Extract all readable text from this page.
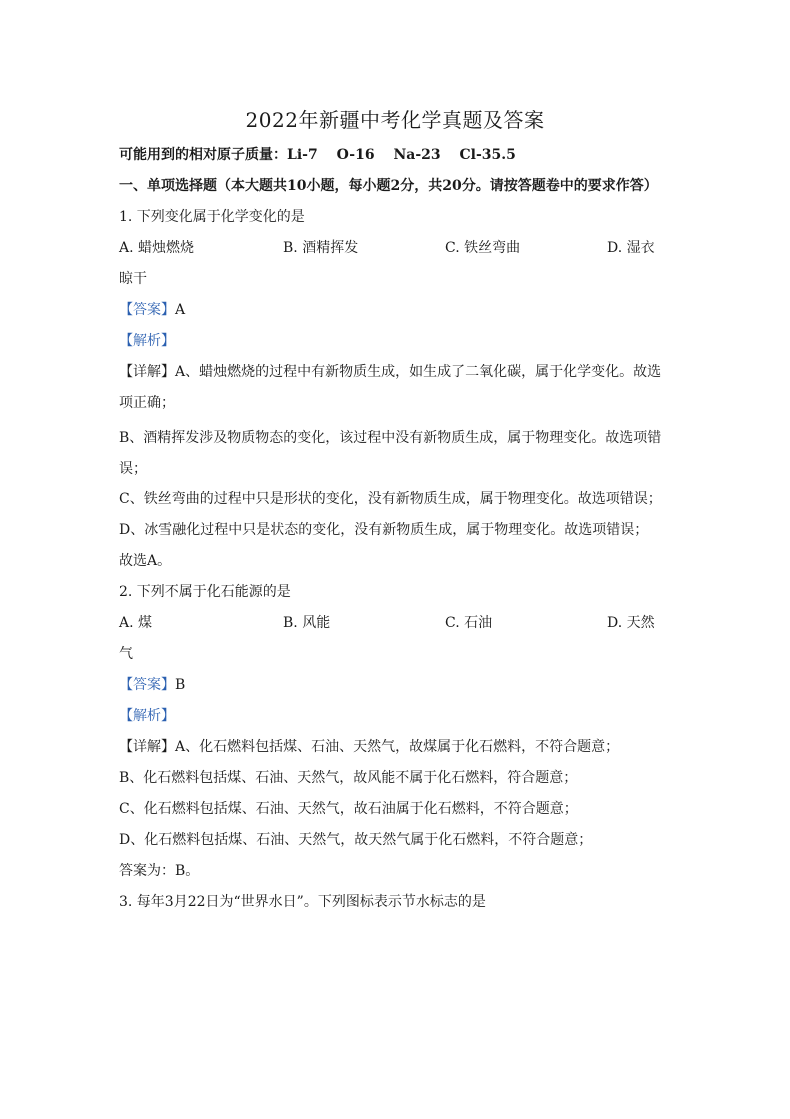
2022年新疆中考化学真题及答案
可能用到的相对原子质量：Li-7　 O-16　 Na-23　 Cl-35.5
一、单项选择题（本大题共10小题，每小题2分，共20分。请按答题卷中的要求作答）
1. 下列变化属于化学变化的是
A. 蜡烛燃烧	B. 酒精挥发	C. 铁丝弯曲	D. 湿衣
晾干
【答案】A
【解析】
【详解】A、蜡烛燃烧的过程中有新物质生成，如生成了二氧化碳，属于化学变化。故选
项正确；
B、酒精挥发涉及物质物态的变化，该过程中没有新物质生成，属于物理变化。故选项错
误；
C、铁丝弯曲的过程中只是形状的变化，没有新物质生成，属于物理变化。故选项错误；
D、冰雪融化过程中只是状态的变化，没有新物质生成，属于物理变化。故选项错误；
故选A。
2. 下列不属于化石能源的是
A. 煤	B. 风能	C. 石油	D. 天然
气
【答案】B
【解析】
【详解】A、化石燃料包括煤、石油、天然气，故煤属于化石燃料，不符合题意；
B、化石燃料包括煤、石油、天然气，故风能不属于化石燃料，符合题意；
C、化石燃料包括煤、石油、天然气，故石油属于化石燃料，不符合题意；
D、化石燃料包括煤、石油、天然气，故天然气属于化石燃料，不符合题意；
答案为：B。
3. 每年3月22日为“世界水日”。下列图标表示节水标志的是
